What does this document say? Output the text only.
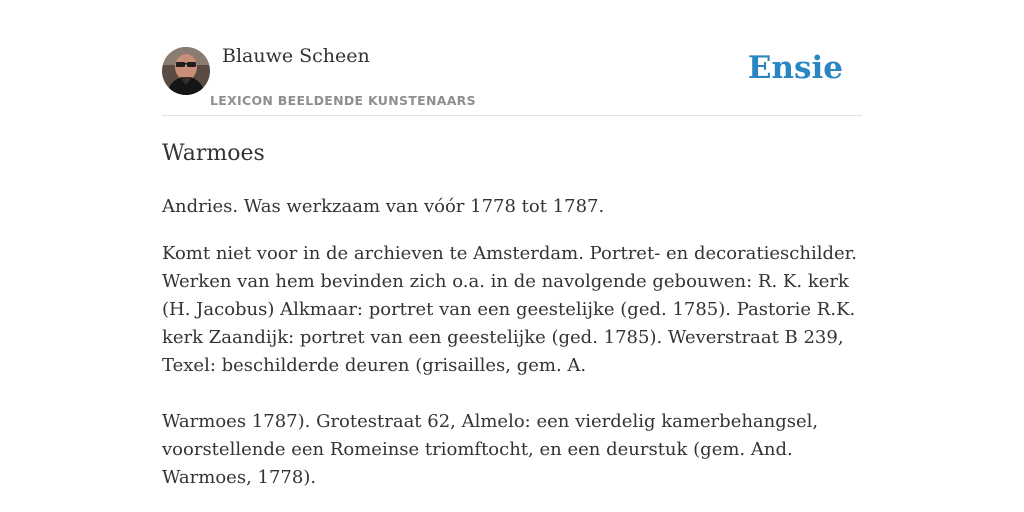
Blauwe Scheen
LEXICON BEELDENDE KUNSTENAARS
Ensie
Warmoes

Andries. Was werkzaam van vóór 1778 tot 1787.

Komt niet voor in de archieven te Amsterdam. Portret- en decoratieschilder. Werken van hem bevinden zich o.a. in de navolgende gebouwen: R. K. kerk (H. Jacobus) Alkmaar: portret van een geestelijke (ged. 1785). Pastorie R.K. kerk Zaandijk: portret van een geestelijke (ged. 1785). Weverstraat B 239, Texel: beschilderde deuren (grisailles, gem. A.

Warmoes 1787). Grotestraat 62, Almelo: een vierdelig kamerbehangsel, voorstellende een Romeinse triomftocht, en een deurstuk (gem. And. Warmoes, 1778).
